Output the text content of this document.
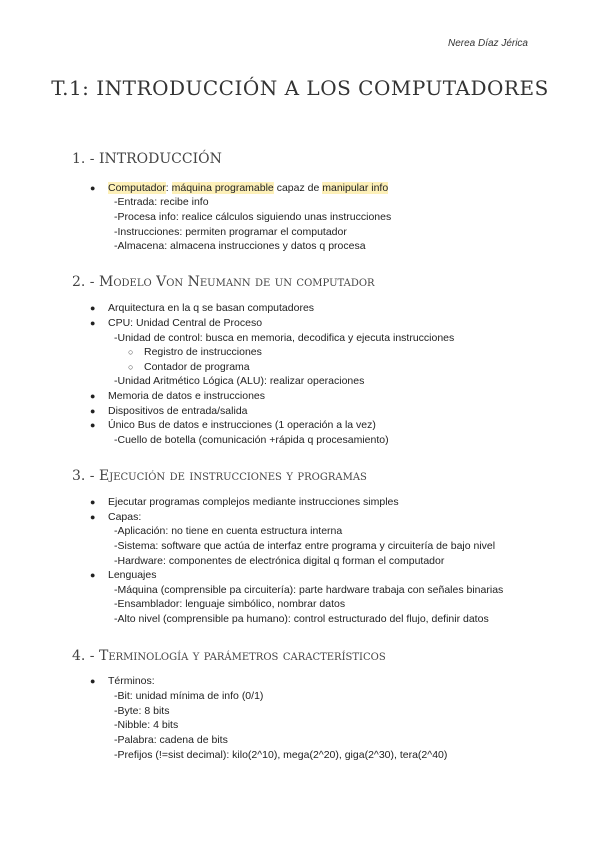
Nerea Díaz Jérica
T.1: INTRODUCCIÓN A LOS COMPUTADORES
1. - INTRODUCCIÓN
● Computador: máquina programable capaz de manipular info
-Entrada: recibe info
-Procesa info: realice cálculos siguiendo unas instrucciones
-Instrucciones: permiten programar el computador
-Almacena: almacena instrucciones y datos q procesa
2. - Modelo Von Neumann de un computador
● Arquitectura en la q se basan computadores
● CPU: Unidad Central de Proceso
-Unidad de control: busca en memoria, decodifica y ejecuta instrucciones
○ Registro de instrucciones
○ Contador de programa
-Unidad Aritmético Lógica (ALU): realizar operaciones
● Memoria de datos e instrucciones
● Dispositivos de entrada/salida
● Único Bus de datos e instrucciones (1 operación a la vez)
-Cuello de botella (comunicación +rápida q procesamiento)
3. - Ejecución de instrucciones y programas
● Ejecutar programas complejos mediante instrucciones simples
● Capas:
-Aplicación: no tiene en cuenta estructura interna
-Sistema: software que actúa de interfaz entre programa y circuitería de bajo nivel
-Hardware: componentes de electrónica digital q forman el computador
● Lenguajes
-Máquina (comprensible pa circuitería): parte hardware trabaja con señales binarias
-Ensamblador: lenguaje simbólico, nombrar datos
-Alto nivel (comprensible pa humano): control estructurado del flujo, definir datos
4. - Terminología y parámetros característicos
● Términos:
-Bit: unidad mínima de info (0/1)
-Byte: 8 bits
-Nibble: 4 bits
-Palabra: cadena de bits
-Prefijos (!=sist decimal): kilo(2^10), mega(2^20), giga(2^30), tera(2^40)
